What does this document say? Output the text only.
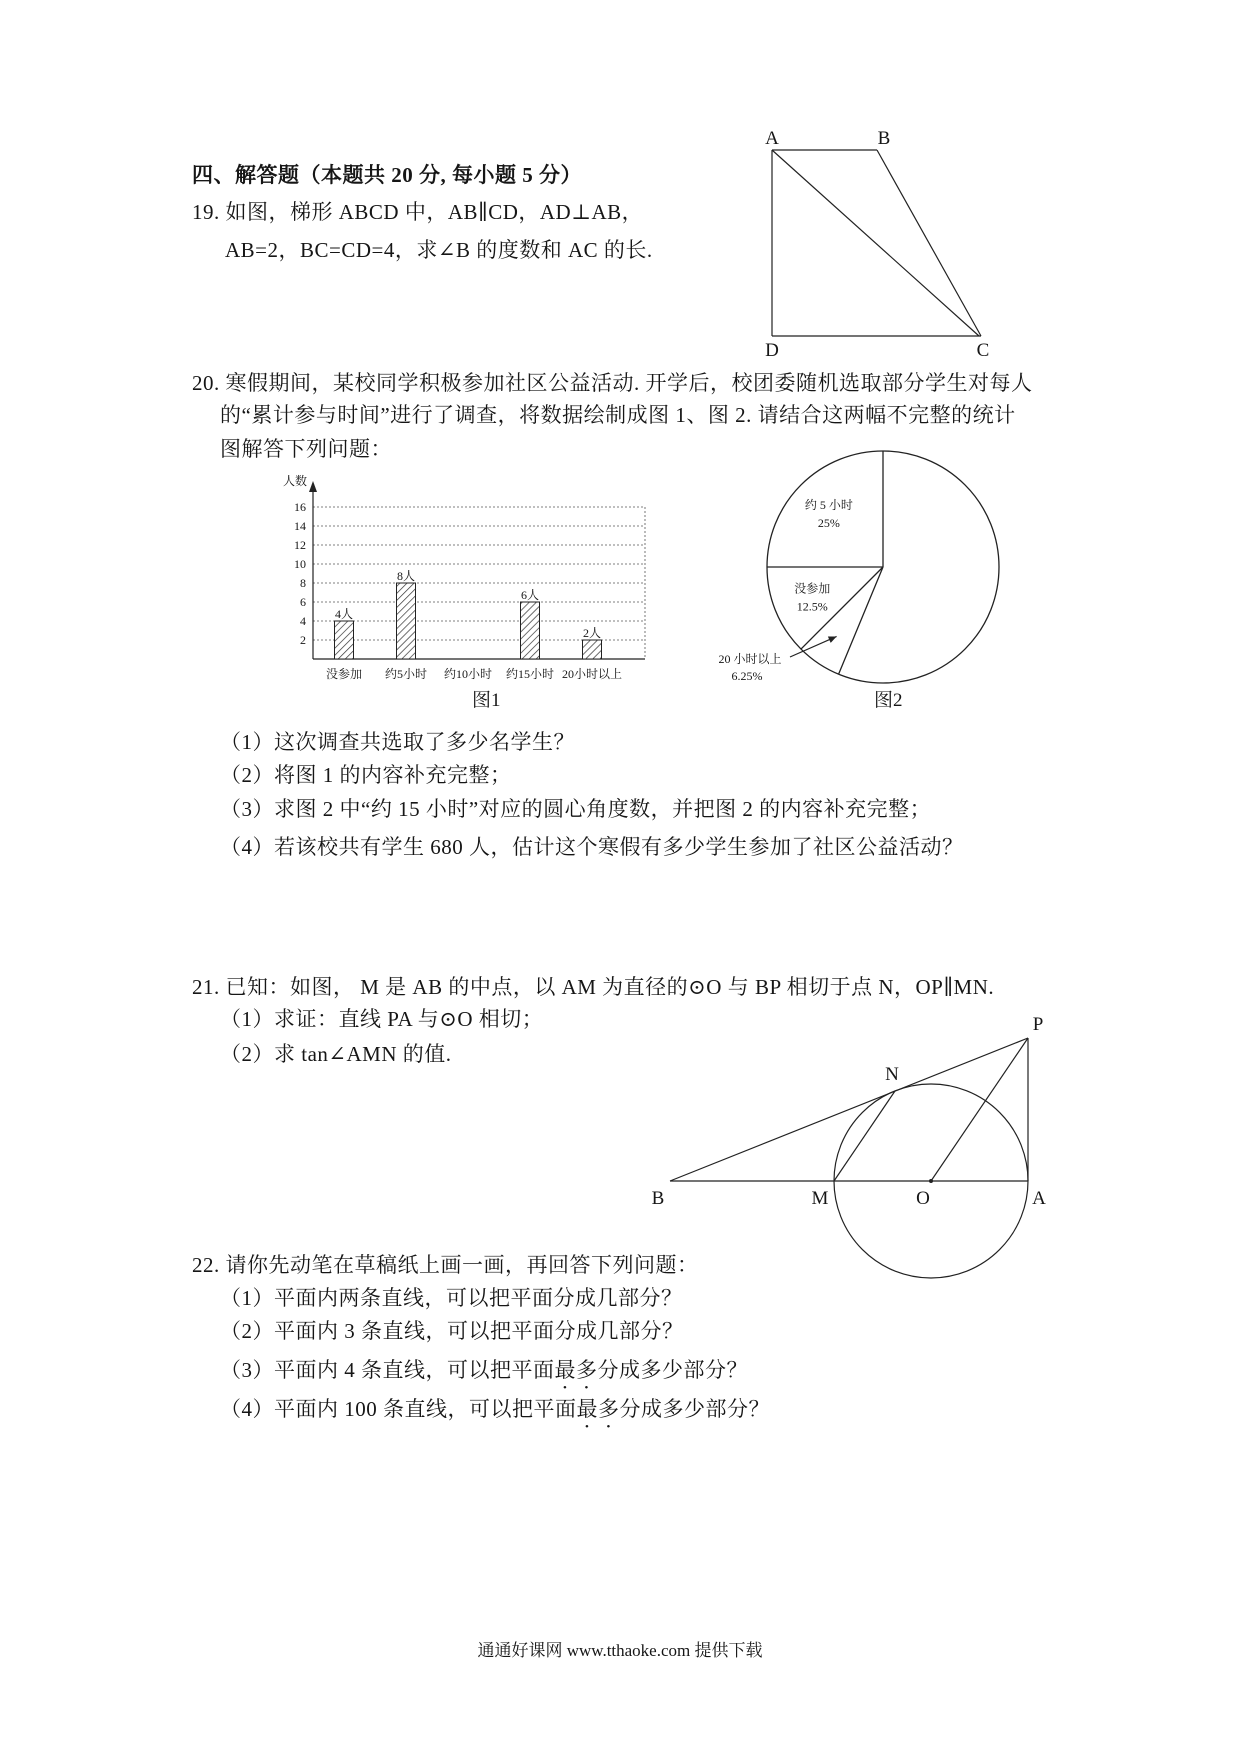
四、解答题（本题共 20 分, 每小题 5 分）
19. 如图，梯形 ABCD 中，AB∥CD，AD⊥AB，
AB=2，BC=CD=4，求∠B 的度数和 AC 的长.
A	B
D	C
20. 寒假期间，某校同学积极参加社区公益活动. 开学后，校团委随机选取部分学生对每人
的“累计参与时间”进行了调查，将数据绘制成图 1、图 2. 请结合这两幅不完整的统计
图解答下列问题：
2
4
6
8
10
12
14
16
人数
4人
没参加
8人
约5小时 约10小时
6人
约15小时
2人
20小时以上
图1
约 5 小时
25%
没参加
12.5%
20 小时以上
6.25%
图2
（1）这次调查共选取了多少名学生？
（2）将图 1 的内容补充完整；
（3）求图 2 中“约 15 小时”对应的圆心角度数，并把图 2 的内容补充完整；
（4）若该校共有学生 680 人，估计这个寒假有多少学生参加了社区公益活动？
21. 已知：如图， M 是 AB 的中点，以 AM 为直径的⊙O 与 BP 相切于点 N，OP∥MN.
（1）求证：直线 PA 与⊙O 相切；
（2）求 tan∠AMN 的值.
B	M	O	A
N
P
22. 请你先动笔在草稿纸上画一画，再回答下列问题：
（1）平面内两条直线，可以把平面分成几部分？
（2）平面内 3 条直线，可以把平面分成几部分？
（3）平面内 4 条直线，可以把平面最多分成多少部分？
（4）平面内 100 条直线，可以把平面最多分成多少部分？
通通好课网 www.tthaoke.com 提供下载
